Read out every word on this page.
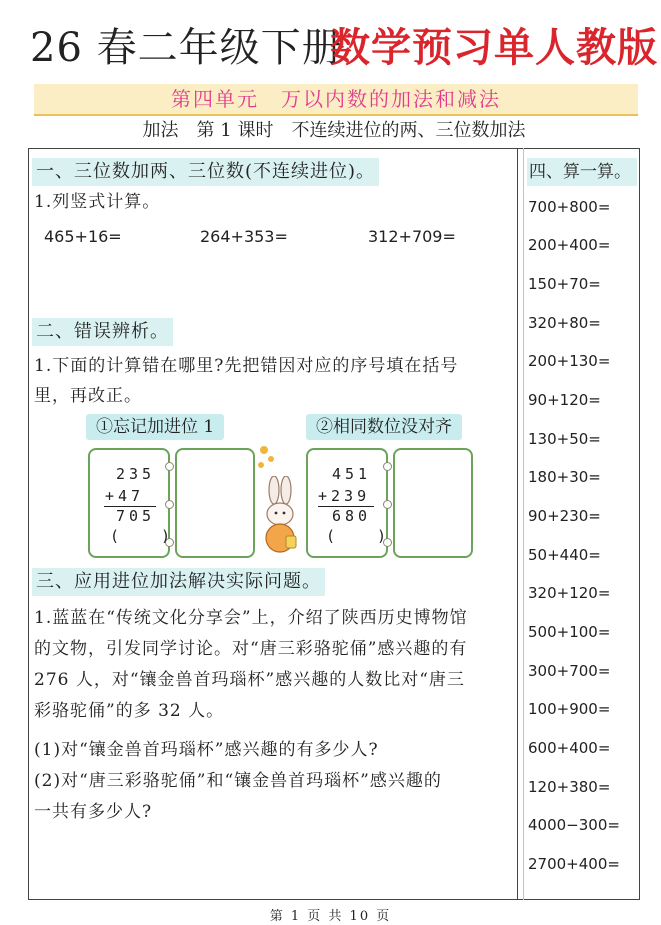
26 春二年级下册
数学预习单人教版
第四单元　万以内数的加法和减法
加法　第 1 课时　不连续进位的两、三位数加法
一、三位数加两、三位数(不连续进位)。
1.列竖式计算。
465+16=	264+353=	312+709=
二、错误辨析。
1.下面的计算错在哪里?先把错因对应的序号填在括号
里，再改正。
①忘记加进位 1	②相同数位没对齐
235
+47
705
(　　)
451
+239
680
(　　)
三、应用进位加法解决实际问题。
1.蓝蓝在“传统文化分享会”上，介绍了陕西历史博物馆
的文物，引发同学讨论。对“唐三彩骆驼俑”感兴趣的有
276 人，对“镶金兽首玛瑙杯”感兴趣的人数比对“唐三
彩骆驼俑”的多 32 人。
(1)对“镶金兽首玛瑙杯”感兴趣的有多少人?
(2)对“唐三彩骆驼俑”和“镶金兽首玛瑙杯”感兴趣的
一共有多少人?
四、算一算。
700+800=
200+400=
150+70=
320+80=
200+130=
90+120=
130+50=
180+30=
90+230=
50+440=
320+120=
500+100=
300+700=
100+900=
600+400=
120+380=
4000−300=
2700+400=
第 1 页 共 10 页
